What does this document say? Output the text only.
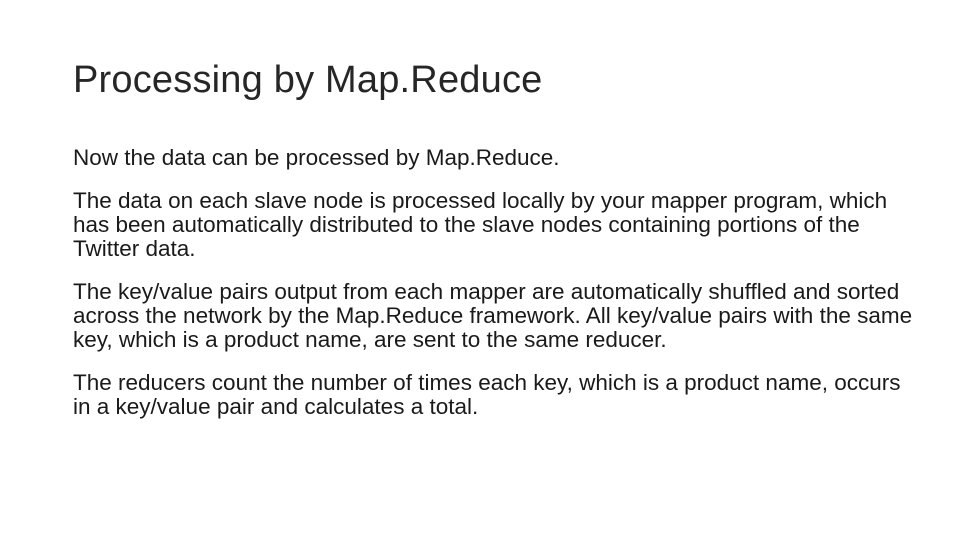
Processing by Map.Reduce

Now the data can be processed by Map.Reduce.

The data on each slave node is processed locally by your mapper program, which has been automatically distributed to the slave nodes containing portions of the Twitter data.

The key/value pairs output from each mapper are automatically shuffled and sorted across the network by the Map.Reduce framework. All key/value pairs with the same key, which is a product name, are sent to the same reducer.

The reducers count the number of times each key, which is a product name, occurs in a key/value pair and calculates a total.
